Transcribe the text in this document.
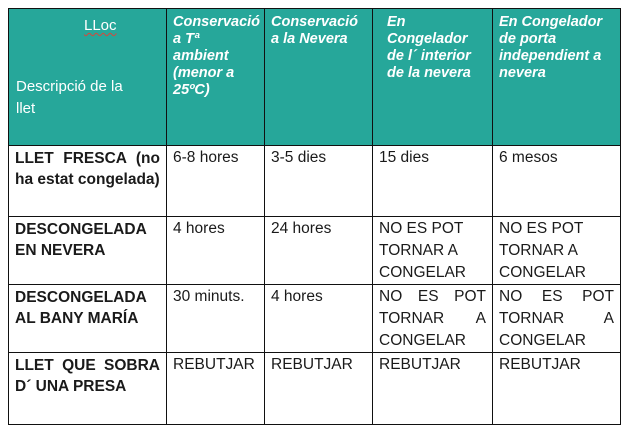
LLoc
Descripció de la llet	Conservació a Tª ambient (menor a 25ºC)	Conservació a la Nevera	En Congelador de l´ interior de la nevera	En Congelador de porta independient a nevera

LLET FRESCA (no ha estat congelada)	6-8 hores	3-5 dies	15 dies	6 mesos

DESCONGELADA EN NEVERA	4 hores	24 hores	NO ES POT TORNAR A CONGELAR	NO ES POT TORNAR A CONGELAR

DESCONGELADA AL BANY MARÍA	30 minuts.	4 hores	NO ES POT TORNAR A CONGELAR	NO ES POT TORNAR A CONGELAR

LLET QUE SOBRA D´ UNA PRESA	REBUTJAR	REBUTJAR	REBUTJAR	REBUTJAR
